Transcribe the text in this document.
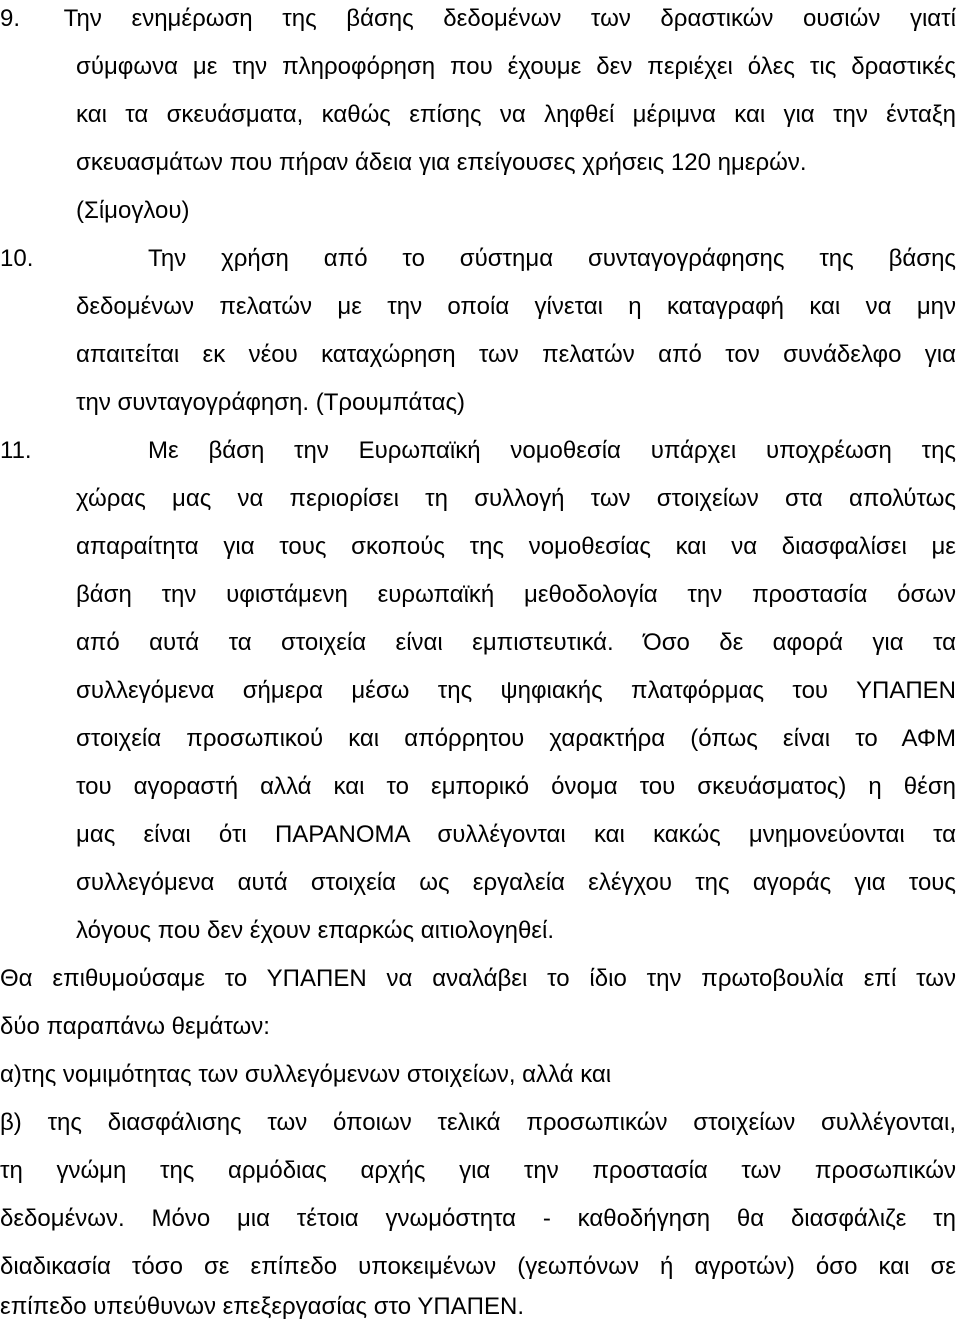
9. Την ενημέρωση της βάσης δεδομένων των δραστικών ουσιών γιατί
σύμφωνα με την πληροφόρηση που έχουμε δεν περιέχει όλες τις δραστικές
και τα σκευάσματα, καθώς επίσης να ληφθεί μέριμνα και για την ένταξη
σκευασμάτων που πήραν άδεια για επείγουσες χρήσεις 120 ημερών.
(Σίμογλου)
10.	Την χρήση από το σύστημα συνταγογράφησης της βάσης
δεδομένων πελατών με την οποία γίνεται η καταγραφή και να μην
απαιτείται εκ νέου καταχώρηση των πελατών από τον συνάδελφο για
την συνταγογράφηση. (Τρουμπάτας)
11.	Με βάση την Ευρωπαϊκή νομοθεσία υπάρχει υποχρέωση της
χώρας μας να περιορίσει τη συλλογή των στοιχείων στα απολύτως
απαραίτητα για τους σκοπούς της νομοθεσίας και να διασφαλίσει με
βάση την υφιστάμενη ευρωπαϊκή μεθοδολογία την προστασία όσων
από αυτά τα στοιχεία είναι εμπιστευτικά. Όσο δε αφορά για τα
συλλεγόμενα σήμερα μέσω της ψηφιακής πλατφόρμας του ΥΠΑΠΕΝ
στοιχεία προσωπικού και απόρρητου χαρακτήρα (όπως είναι το ΑΦΜ
του αγοραστή αλλά και το εμπορικό όνομα του σκευάσματος) η θέση
μας είναι ότι ΠΑΡΑΝΟΜΑ συλλέγονται και κακώς μνημονεύονται τα
συλλεγόμενα αυτά στοιχεία ως εργαλεία ελέγχου της αγοράς για τους
λόγους που δεν έχουν επαρκώς αιτιολογηθεί.
Θα επιθυμούσαμε το ΥΠΑΠΕΝ να αναλάβει το ίδιο την πρωτοβουλία επί των
δύο παραπάνω θεμάτων:
α)της νομιμότητας των συλλεγόμενων στοιχείων, αλλά και
β) της διασφάλισης των όποιων τελικά προσωπικών στοιχείων συλλέγονται,
τη γνώμη της αρμόδιας αρχής για την προστασία των προσωπικών
δεδομένων. Μόνο μια τέτοια γνωμόστητα - καθοδήγηση θα διασφάλιζε τη
διαδικασία τόσο σε επίπεδο υποκειμένων (γεωπόνων ή αγροτών) όσο και σε
επίπεδο υπεύθυνων επεξεργασίας στο ΥΠΑΠΕΝ.
